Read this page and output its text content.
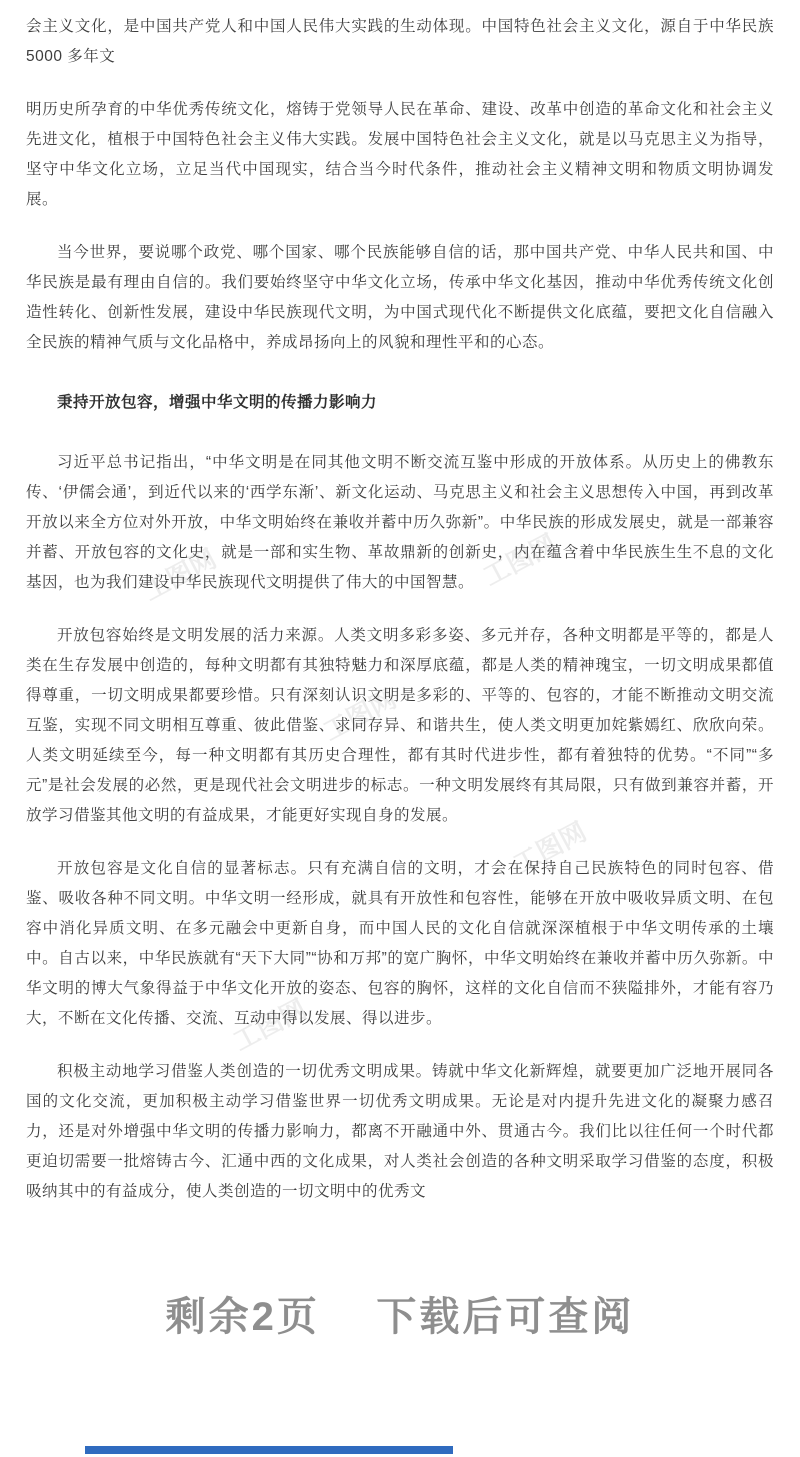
工图网	工图网
工图网
工图网
工图网

会主义文化，是中国共产党人和中国人民伟大实践的生动体现。中国特色社会主义文化，源自于中华民族 5000 多年文

明历史所孕育的中华优秀传统文化，熔铸于党领导人民在革命、建设、改革中创造的革命文化和社会主义先进文化，植根于中国特色社会主义伟大实践。发展中国特色社会主义文化，就是以马克思主义为指导，坚守中华文化立场，立足当代中国现实，结合当今时代条件，推动社会主义精神文明和物质文明协调发展。

当今世界，要说哪个政党、哪个国家、哪个民族能够自信的话，那中国共产党、中华人民共和国、中华民族是最有理由自信的。我们要始终坚守中华文化立场，传承中华文化基因，推动中华优秀传统文化创造性转化、创新性发展，建设中华民族现代文明，为中国式现代化不断提供文化底蕴，要把文化自信融入全民族的精神气质与文化品格中，养成昂扬向上的风貌和理性平和的心态。

秉持开放包容，增强中华文明的传播力影响力

习近平总书记指出，“中华文明是在同其他文明不断交流互鉴中形成的开放体系。从历史上的佛教东传、‘伊儒会通’，到近代以来的‘西学东渐’、新文化运动、马克思主义和社会主义思想传入中国，再到改革开放以来全方位对外开放，中华文明始终在兼收并蓄中历久弥新”。中华民族的形成发展史，就是一部兼容并蓄、开放包容的文化史，就是一部和实生物、革故鼎新的创新史，内在蕴含着中华民族生生不息的文化基因，也为我们建设中华民族现代文明提供了伟大的中国智慧。

开放包容始终是文明发展的活力来源。人类文明多彩多姿、多元并存，各种文明都是平等的，都是人类在生存发展中创造的，每种文明都有其独特魅力和深厚底蕴，都是人类的精神瑰宝，一切文明成果都值得尊重，一切文明成果都要珍惜。只有深刻认识文明是多彩的、平等的、包容的，才能不断推动文明交流互鉴，实现不同文明相互尊重、彼此借鉴、求同存异、和谐共生，使人类文明更加姹紫嫣红、欣欣向荣。人类文明延续至今，每一种文明都有其历史合理性，都有其时代进步性，都有着独特的优势。“不同”“多元”是社会发展的必然，更是现代社会文明进步的标志。一种文明发展终有其局限，只有做到兼容并蓄，开放学习借鉴其他文明的有益成果，才能更好实现自身的发展。

开放包容是文化自信的显著标志。只有充满自信的文明，才会在保持自己民族特色的同时包容、借鉴、吸收各种不同文明。中华文明一经形成，就具有开放性和包容性，能够在开放中吸收异质文明、在包容中消化异质文明、在多元融会中更新自身，而中国人民的文化自信就深深植根于中华文明传承的土壤中。自古以来，中华民族就有“天下大同”“协和万邦”的宽广胸怀，中华文明始终在兼收并蓄中历久弥新。中华文明的博大气象得益于中华文化开放的姿态、包容的胸怀，这样的文化自信而不狭隘排外，才能有容乃大，不断在文化传播、交流、互动中得以发展、得以进步。

积极主动地学习借鉴人类创造的一切优秀文明成果。铸就中华文化新辉煌，就要更加广泛地开展同各国的文化交流，更加积极主动学习借鉴世界一切优秀文明成果。无论是对内提升先进文化的凝聚力感召力，还是对外增强中华文明的传播力影响力，都离不开融通中外、贯通古今。我们比以往任何一个时代都更迫切需要一批熔铸古今、汇通中西的文化成果，对人类社会创造的各种文明采取学习借鉴的态度，积极吸纳其中的有益成分，使人类创造的一切文明中的优秀文

剩余2页    下载后可查阅
